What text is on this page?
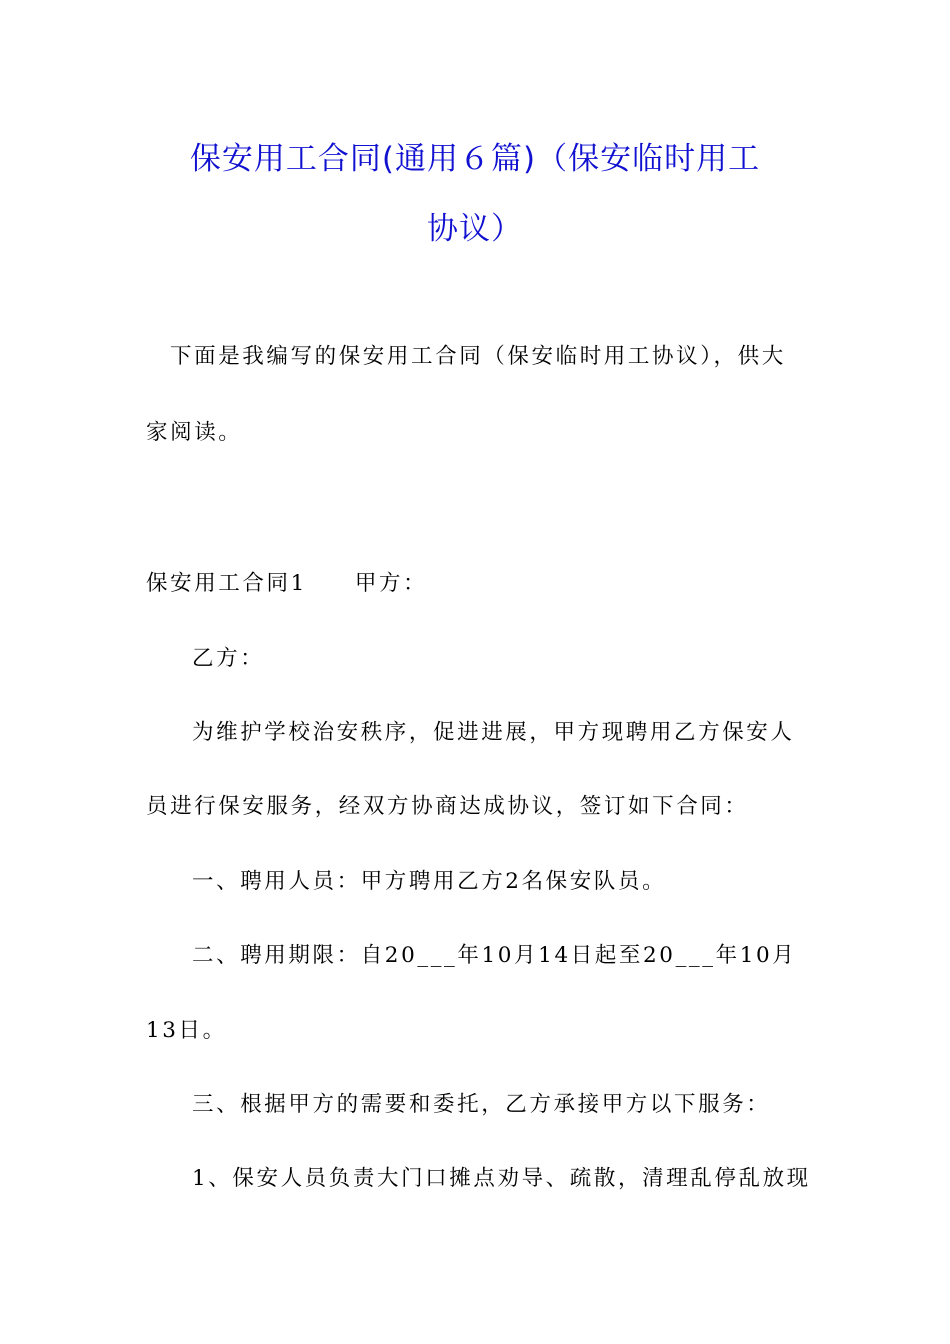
保安用工合同(通用６篇)（保安临时用工
协议）
下面是我编写的保安用工合同（保安临时用工协议），供大
家阅读。
保安用工合同1 甲方：
乙方：
为维护学校治安秩序，促进进展，甲方现聘用乙方保安人
员进行保安服务，经双方协商达成协议，签订如下合同：
一、聘用人员：甲方聘用乙方2名保安队员。
二、聘用期限：自20___年10月14日起至20___年10月
13日。
三、根据甲方的需要和委托，乙方承接甲方以下服务：
1、保安人员负责大门口摊点劝导、疏散，清理乱停乱放现
